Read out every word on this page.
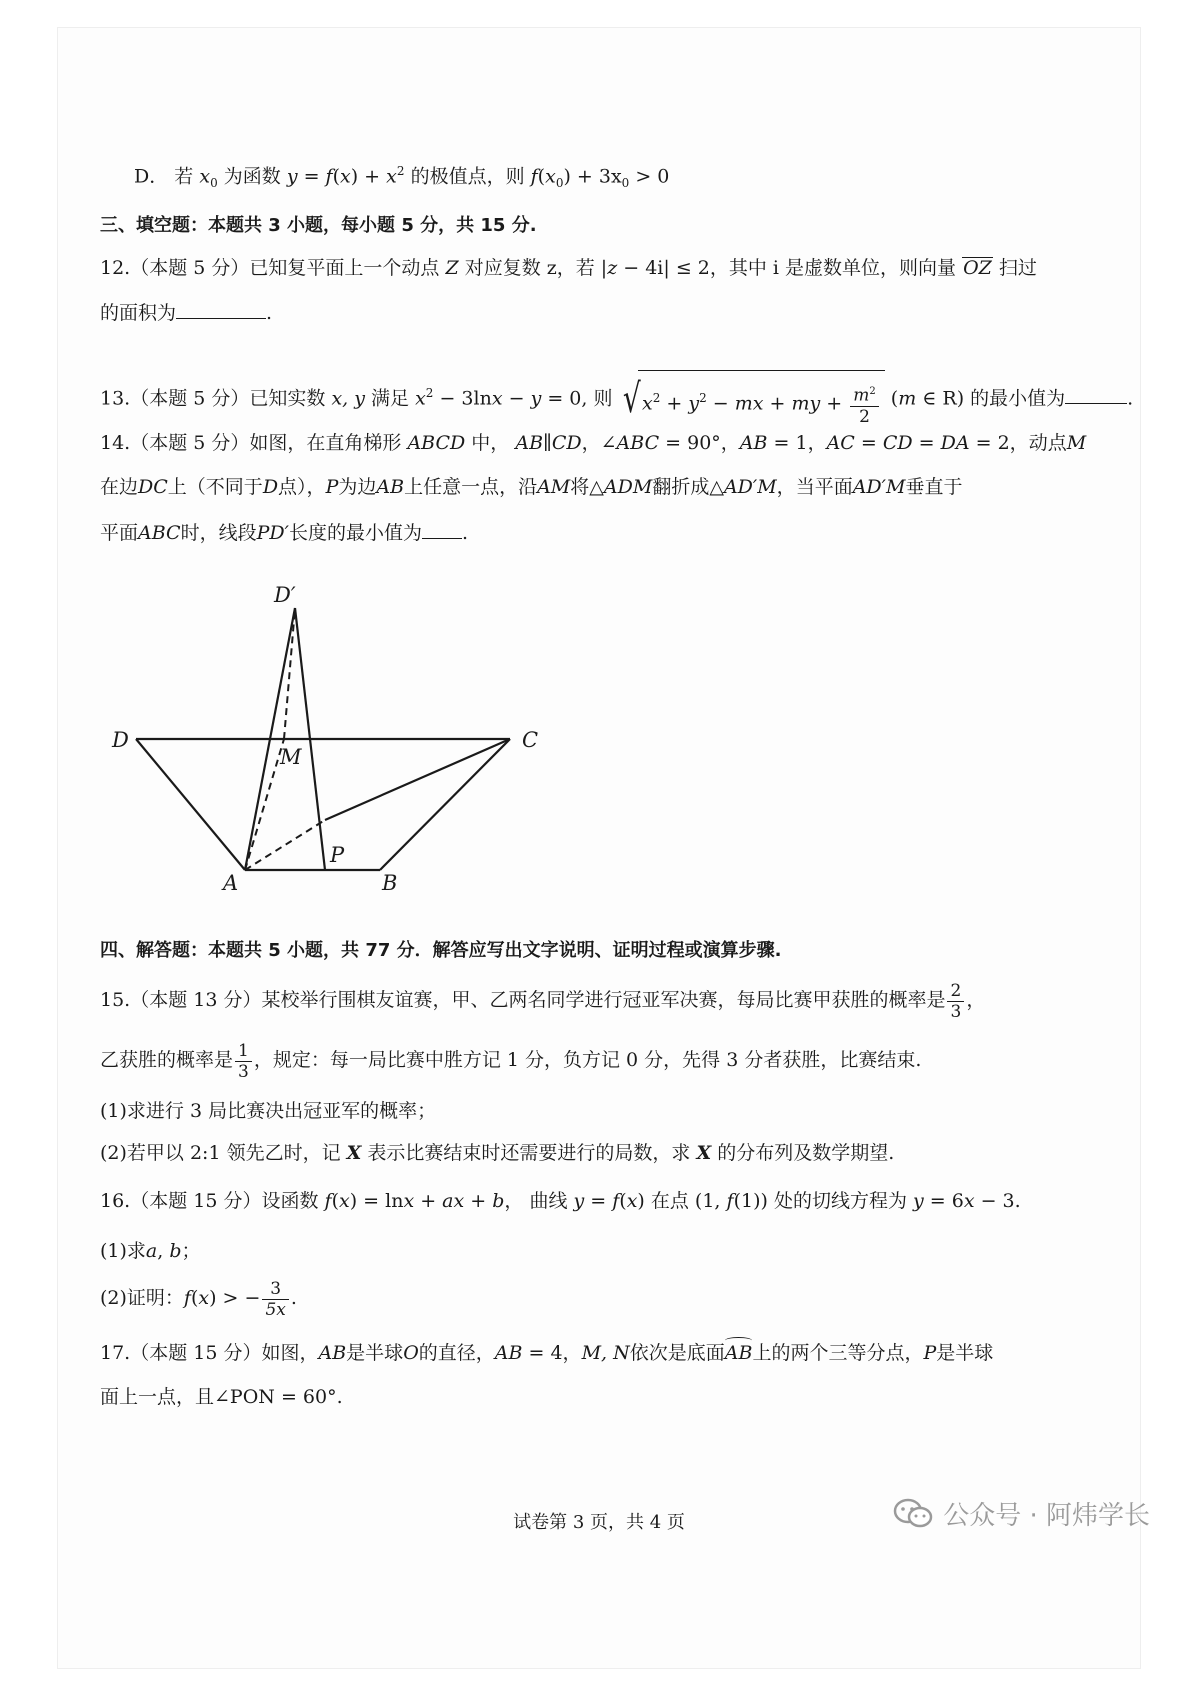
D． 若 $x_0$ 为函数 $y = f(x) + x^2$ 的极值点，则 $f(x_0) + 3x_0 > 0$
三、填空题：本题共 3 小题，每小题 5 分，共 15 分.
12.（本题 5 分）已知复平面上一个动点 Z 对应复数 z，若 |z − 4i| ≤ 2，其中 i 是虚数单位，则向量 OZ 扫过
的面积为	.
13.（本题 5 分）已知实数 x, y 满足 $x^2 - 3\ln x - y = 0$, 则 $√x^2 + y^2$ − mx + my + $\frac{m^2}{2} (m$ ∈ R) 的最小值为	.
14.（本题 5 分）如图，在直角梯形 ABCD 中， AB∥CD，∠ABC = 90°，AB = 1，AC = CD = DA = 2，动点M
在边DC上（不同于D点），P为边AB上任意一点，沿AM将△ADM翻折成△AD′M，当平面AD′M垂直于
平面ABC时，线段PD′长度的最小值为 .
D′
D	C
M
A	B
P
四、解答题：本题共 5 小题，共 77 分．解答应写出文字说明、证明过程或演算步骤.
15.（本题 13 分）某校举行围棋友谊赛，甲、乙两名同学进行冠亚军决赛，每局比赛甲获胜的概率是 $\frac{2}{3}$ ，
乙获胜的概率是 $\frac{1}{3}$ ，规定：每一局比赛中胜方记 1 分，负方记 0 分，先得 3 分者获胜，比赛结束.
(1)求进行 3 局比赛决出冠亚军的概率；
(2)若甲以 2:1 领先乙时，记 X 表示比赛结束时还需要进行的局数，求 X 的分布列及数学期望.
16.（本题 15 分）设函数 f(x) = lnx + ax + b， 曲线 y = f(x) 在点 (1, f(1)) 处的切线方程为 y = 6x − 3.
(1)求a, b；
(2)证明：f(x) > − $\frac{3}{5x}$ .
17.（本题 15 分）如图，AB是半球O的直径，AB = 4，M, N依次是底面AB上的两个三等分点，P是半球
面上一点，且∠PON = 60°.
试卷第 3 页，共 4 页	公众号 · 阿炜学长
